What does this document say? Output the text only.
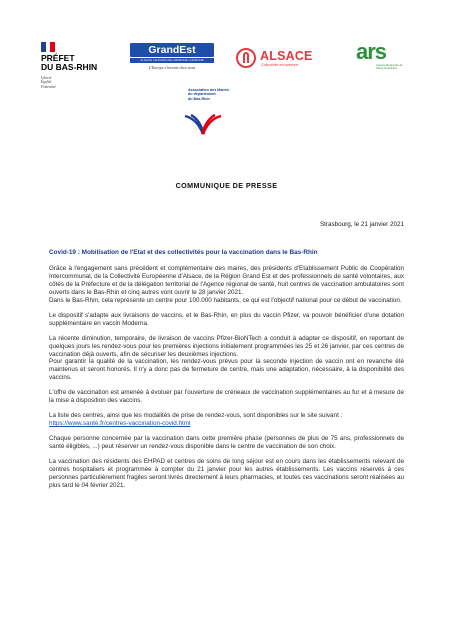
PRÉFET
DU BAS-RHIN
Liberté
Égalité
Fraternité
GrandEst
ALSACE CHAMPAGNE-ARDENNE LORRAINE
L'Europe s'invente chez nous
ALSACE
Collectivité européenne
ars
Agence Régionale de Santé Grand Est
Association des Maires
du département
du Bas-Rhin
COMMUNIQUE DE PRESSE
Strasbourg, le 21 janvier 2021
Covid-19 : Mobilisation de l'Etat et des collectivités pour la vaccination dans le Bas-Rhin

Grâce à l'engagement sans précédent et complémentaire des maires, des présidents d'Etablissement Public de Coopération Intercommunal, de la Collectivité Européenne d'Alsace, de la Région Grand Est et des professionnels de santé volontaires, aux côtés de la Préfecture et de la délégation territorial de l'Agence régional de santé, huit centres de vaccination ambulatoires sont ouverts dans le Bas-Rhin et cinq autres vont ouvrir le 28 janvier 2021.

Dans le Bas-Rhin, cela représente un centre pour 100.000 habitants, ce qui est l'objectif national pour ce début de vaccination.

Le dispositif s'adapte aux livraisons de vaccins, et le Bas-Rhin, en plus du vaccin Pfizer, va pouvoir bénéficier d'une dotation supplémentaire en vaccin Moderna.

La récente diminution, temporaire, de livraison de vaccins Pfizer-BioNTech a conduit à adapter ce dispositif, en reportant de quelques jours les rendez-vous pour les premières injections initialement programmées les 25 et 26 janvier, par ces centres de vaccination déjà ouverts, afin de sécuriser les deuxièmes injections.

Pour garantir la qualité de la vaccination, les rendez-vous prévus pour la seconde injection de vaccin ont en revanche été maintenus et seront honorés. Il n'y a donc pas de fermeture de centre, mais une adaptation, nécessaire, à la disponibilité des vaccins.

L'offre de vaccination est amenée à évoluer par l'ouverture de créneaux de vaccination supplémentaires au fur et à mesure de la mise à disposition des vaccins.

La liste des centres, ainsi que les modalités de prise de rendez-vous, sont disponibles sur le site suivant :
https://www.sante.fr/centres-vaccination-covid.html

Chaque personne concernée par la vaccination dans cette première phase (personnes de plus de 75 ans, professionnels de santé éligibles, ...) peut réserver un rendez-vous disponible dans le centre de vaccination de son choix.

La vaccination des résidents des EHPAD et centres de soins de long séjour est en cours dans les établissements relevant de centres hospitaliers et programmée à compter du 21 janvier pour les autres établissements. Les vaccins réservés à ces personnes particulièrement fragiles seront livrés directement à leurs pharmacies, et toutes ces vaccinations seront réalisées au plus tard le 04 février 2021.
